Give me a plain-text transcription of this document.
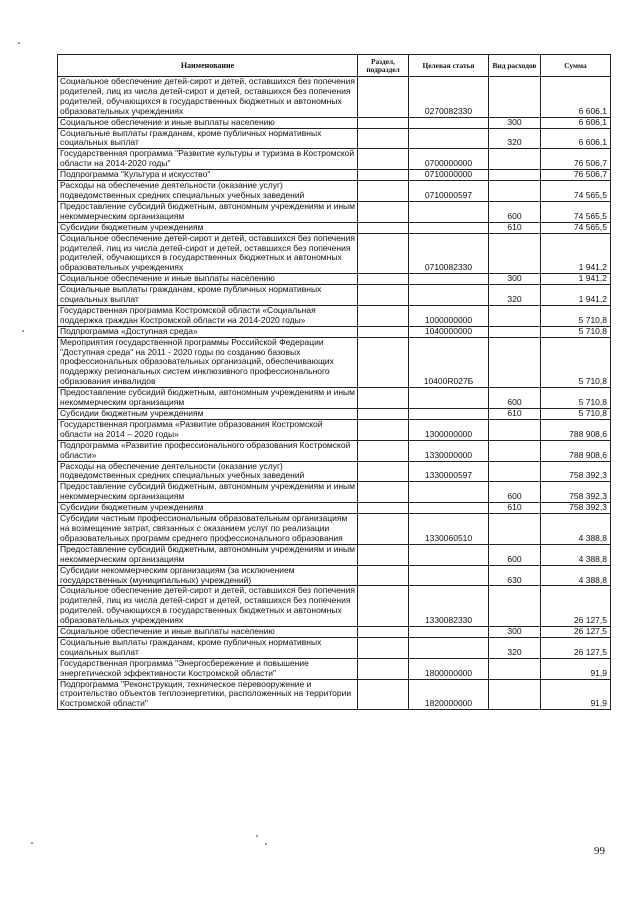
Наименование	Раздел, подраздел	Целевая статья	Вид расходов	Сумма
Социальное обеспечение детей-сирот и детей, оставшихся без попечения родителей, лиц из числа детей-сирот и детей, оставшихся без попечения родителей, обучающихся в государственных бюджетных и автономных образовательных учреждениях		0270082330		6 606,1
Социальное обеспечение и иные выплаты населению			300	6 606,1
Социальные выплаты гражданам, кроме публичных нормативных социальных выплат			320	6 606,1
Государственная программа "Развитие культуры и туризма в Костромской области на 2014-2020 годы"		0700000000		76 506,7
Подпрограмма "Культура и искусство"		0710000000		76 506,7
Расходы на обеспечение деятельности (оказание услуг) подведомственных средних специальных учебных заведений		0710000597		74 565,5
Предоставление субсидий бюджетным, автономным учреждениям и иным некоммерческим организациям			600	74 565,5
Субсидии бюджетным учреждениям			610	74 565,5
Социальное обеспечение детей-сирот и детей, оставшихся без попечения родителей, лиц из числа детей-сирот и детей, оставшихся без попечения родителей, обучающихся в государственных бюджетных и автономных образовательных учреждениях		0710082330		1 941,2
Социальное обеспечение и иные выплаты населению			300	1 941,2
Социальные выплаты гражданам, кроме публичных нормативных социальных выплат			320	1 941,2
Государственная программа Костромской области «Социальная поддержка граждан Костромской области на 2014-2020 годы»		1000000000		5 710,8
Подпрограмма «Доступная среда»		1040000000		5 710,8
Мероприятия государственной программы Российской Федерации "Доступная среда" на 2011 - 2020 годы по созданию базовых профессиональных образовательных организаций, обеспечивающих поддержку региональных систем инклюзивного профессионального образования инвалидов		10400R027Б		5 710,8
Предоставление субсидий бюджетным, автономным учреждениям и иным некоммерческим организациям			600	5 710,8
Субсидии бюджетным учреждениям			610	5 710,8
Государственная программа «Развитие образования Костромской области на 2014 – 2020 годы»		1300000000		788 908,6
Подпрограмма «Развитие профессионального образования Костромской области»		1330000000		788 908,6
Расходы на обеспечение деятельности (оказание услуг) подведомственных средних специальных учебных заведений		1330000597		758 392,3
Предоставление субсидий бюджетным, автономным учреждениям и иным некоммерческим организациям			600	758 392,3
Субсидии бюджетным учреждениям			610	758 392,3
Субсидии частным профессиональным образовательным организациям на возмещение затрат, связанных с оказанием услуг по реализации образовательных программ среднего профессионального образования		1330060510		4 388,8
Предоставление субсидий бюджетным, автономным учреждениям и иным некоммерческим организациям			600	4 388,8
Субсидии некоммерческим организациям (за исключением государственных (муниципальных) учреждений)			630	4 388,8
Социальное обеспечение детей-сирот и детей, оставшихся без попечения родителей, лиц из числа детей-сирот и детей, оставшихся без попечения родителей, обучающихся в государственных бюджетных и автономных образовательных учреждениях		1330082330		26 127,5
Социальное обеспечение и иные выплаты населению			300	26 127,5
Социальные выплаты гражданам, кроме публичных нормативных социальных выплат			320	26 127,5
Государственная программа "Энергосбережение и повышение энергетической эффективности Костромской области"		1800000000		91,9
Подпрограмма "Реконструкция, техническое перевооружение и строительство объектов теплоэнергетики, расположенных на территории Костромской области"		1820000000		91,9
99
